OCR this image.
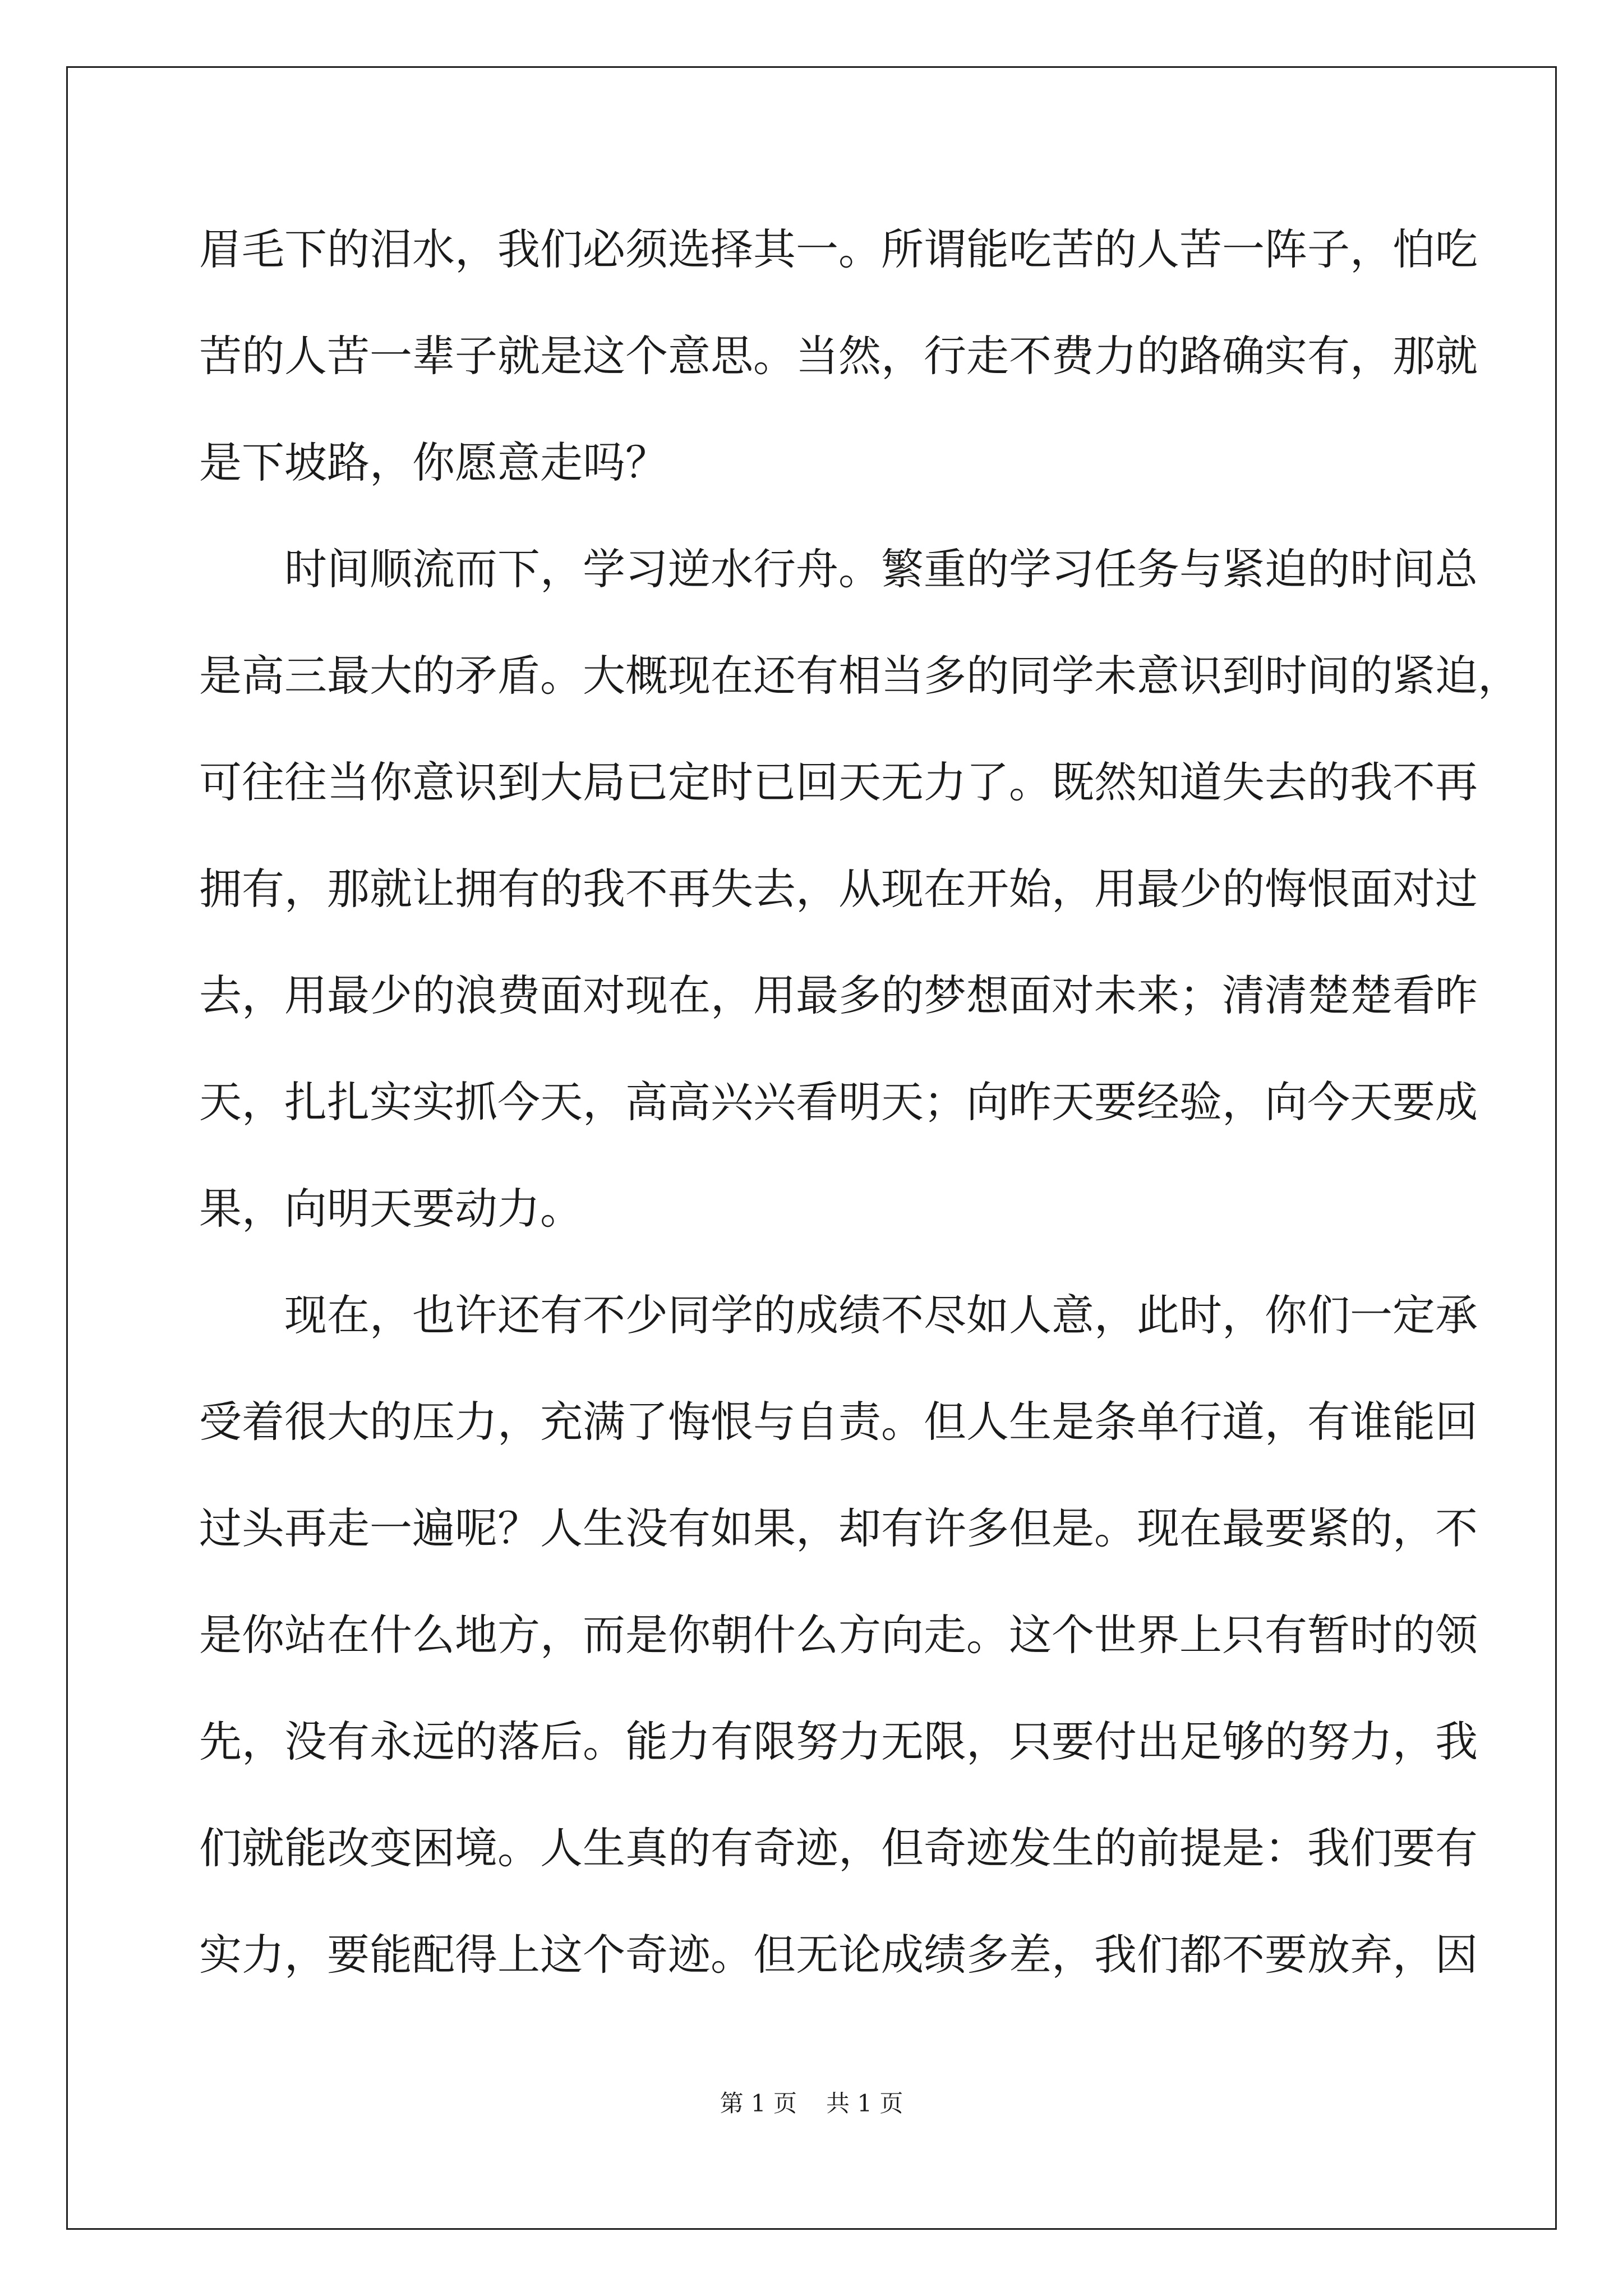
眉毛下的泪水，我们必须选择其一。所谓能吃苦的人苦一阵子，怕吃
苦的人苦一辈子就是这个意思。当然，行走不费力的路确实有，那就
是下坡路，你愿意走吗？
时间顺流而下，学习逆水行舟。繁重的学习任务与紧迫的时间总
是高三最大的矛盾。大概现在还有相当多的同学未意识到时间的紧迫，
可往往当你意识到大局已定时已回天无力了。既然知道失去的我不再
拥有，那就让拥有的我不再失去，从现在开始，用最少的悔恨面对过
去，用最少的浪费面对现在，用最多的梦想面对未来；清清楚楚看昨
天，扎扎实实抓今天，高高兴兴看明天；向昨天要经验，向今天要成
果，向明天要动力。
现在，也许还有不少同学的成绩不尽如人意，此时，你们一定承
受着很大的压力，充满了悔恨与自责。但人生是条单行道，有谁能回
过头再走一遍呢？人生没有如果，却有许多但是。现在最要紧的，不
是你站在什么地方，而是你朝什么方向走。这个世界上只有暂时的领
先，没有永远的落后。能力有限努力无限，只要付出足够的努力，我
们就能改变困境。人生真的有奇迹，但奇迹发生的前提是：我们要有
实力，要能配得上这个奇迹。但无论成绩多差，我们都不要放弃，因
第 1 页 共 1 页
